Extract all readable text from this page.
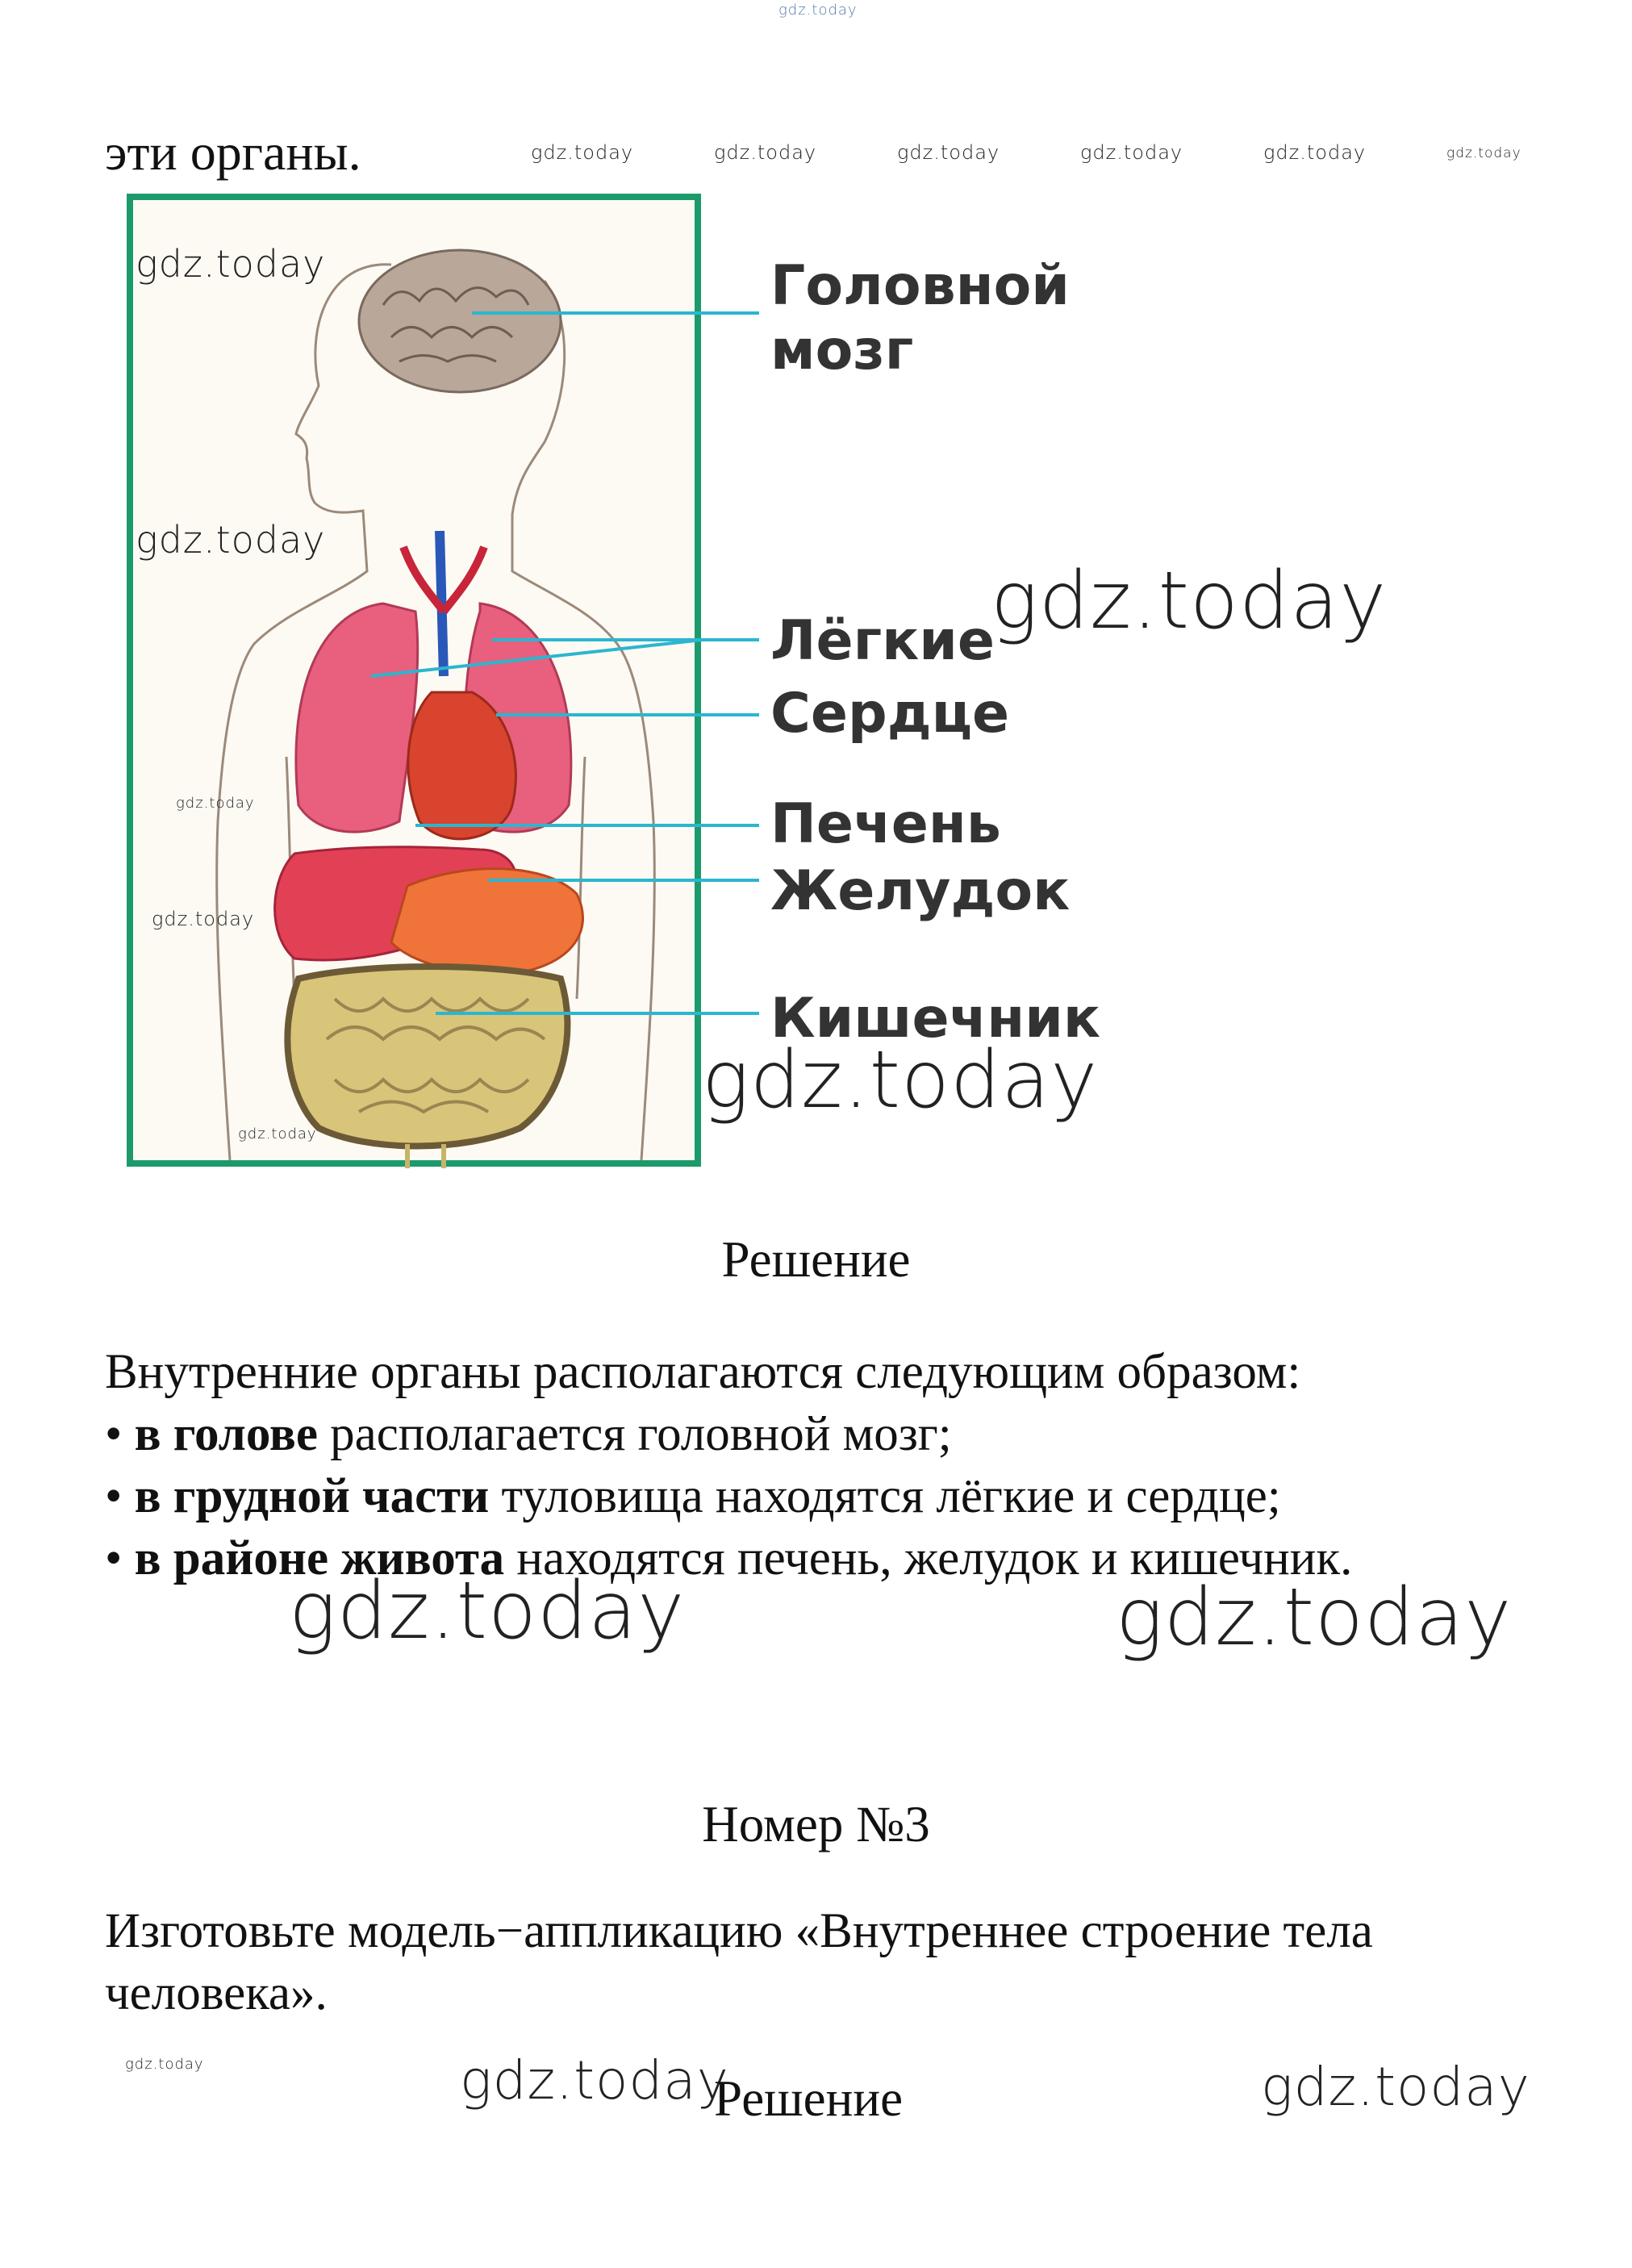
gdz.today
эти органы.	gdz.today	gdz.today	gdz.today	gdz.today	gdz.today	gdz.today
gdz.today
gdz.today
gdz.today
gdz.today
gdz.today
Головной
мозг
Лёгкие
Сердце
Печень
Желудок
Кишечник
gdz.today
gdz.today
Решение
Внутренние органы располагаются следующим образом:
• в голове располагается головной мозг;
• в грудной части туловища находятся лёгкие и сердце;
• в районе живота находятся печень, желудок и кишечник.
gdz.today	gdz.today
Номер №3
Изготовьте модель−аппликацию «Внутреннее строение тела
человека».
gdz.today	gdz.today	gdz.today
Решение
